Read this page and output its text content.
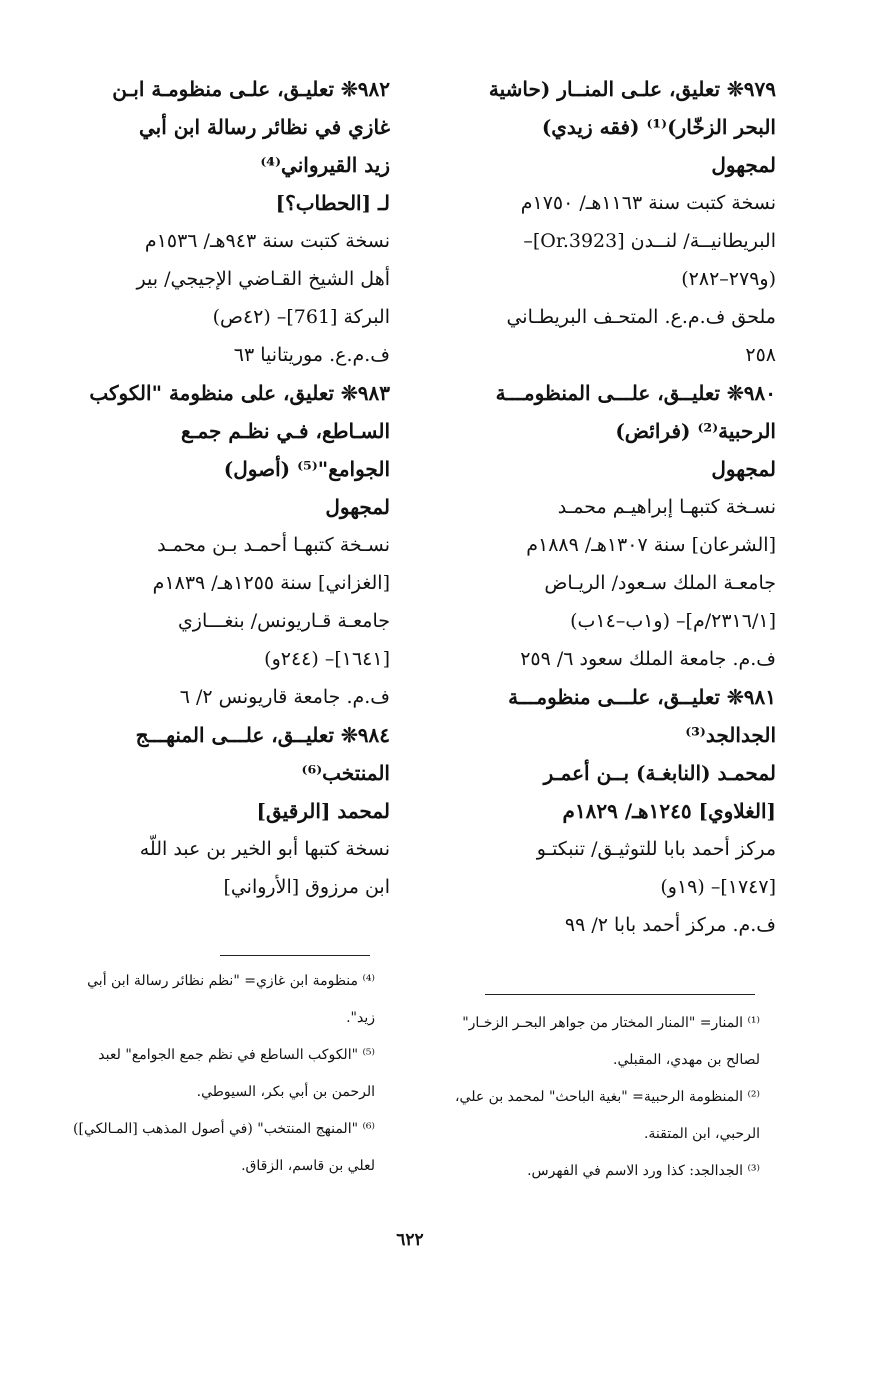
٩٧٩❊ تعليق، علـى المنــار (حاشية
البحر الزخّار)⁽¹⁾ (فقه زيدي)
لمجهول
نسخة كتبت سنة ١١٦٣هـ/ ١٧٥٠م
البريطانيــة/ لنــدن [Or.3923]–
(و٢٧٩–٢٨٢)
ملحق ف.م.ع. المتحـف البريطـاني
٢٥٨
٩٨٠❊ تعليــق، علـــى المنظومـــة
الرحبية⁽²⁾ (فرائض)
لمجهول
نسـخة كتبهـا إبراهيـم محمـد
[الشرعان] سنة ١٣٠٧هـ/ ١٨٨٩م
جامعـة الملك سـعود/ الريـاض
[٢٣١٦/١/م]– (و١ب–١٤ب)
ف.م. جامعة الملك سعود ٦/ ٢٥٩
٩٨١❊ تعليــق، علـــى منظومـــة
الجدالجد⁽³⁾
لمحمـد (النابغـة) بــن أعمـر
[الغلاوي] ١٢٤٥هـ/ ١٨٢٩م
مركز أحمد بابا للتوثيـق/ تنبكتـو
[١٧٤٧]– (١٩و)
ف.م. مركز أحمد بابا ٢/ ٩٩
٩٨٢❊ تعليـق، علـى منظومـة ابـن
غازي في نظائر رسالة ابن أبي
زيد القيرواني⁽⁴⁾
لـ [الحطاب؟]
نسخة كتبت سنة ٩٤٣هـ/ ١٥٣٦م
أهل الشيخ القـاضي الإجيجي/ بير
البركة [761]– (٤٢ص)
ف.م.ع. موريتانيا ٦٣
٩٨٣❊ تعليق، على منظومة "الكوكب
السـاطع، فـي نظـم جمـع
الجوامع"⁽⁵⁾ (أصول)
لمجهول
نسـخة كتبهـا أحمـد بـن محمـد
[الغزاني] سنة ١٢٥٥هـ/ ١٨٣٩م
جامعـة قـاريونس/ بنغـــازي
[١٦٤١]– (٢٤٤و)
ف.م. جامعة قاريونس ٢/ ٦
٩٨٤❊ تعليــق، علـــى المنهـــج
المنتخب⁽⁶⁾
لمحمد [الرقيق]
نسخة كتبها أبو الخير بن عبد اللّه
ابن مرزوق [الأرواني]
⁽¹⁾ المنار= "المنار المختار من جواهر البحـر الزخـار"
لصالح بن مهدي، المقبلي.
⁽²⁾ المنظومة الرحبية= "بغية الباحث" لمحمد بن علي،
الرحبي، ابن المتقنة.
⁽³⁾ الجدالجد: كذا ورد الاسم في الفهرس.
⁽⁴⁾ منظومة ابن غازي= "نظم نظائر رسالة ابن أبي
زيد".
⁽⁵⁾ "الكوكب الساطع في نظم جمع الجوامع" لعبد
الرحمن بن أبي بكر، السيوطي.
⁽⁶⁾ "المنهج المنتخب" (في أصول المذهب [المـالكي])
لعلي بن قاسم، الزقاق.
٦٢٢
